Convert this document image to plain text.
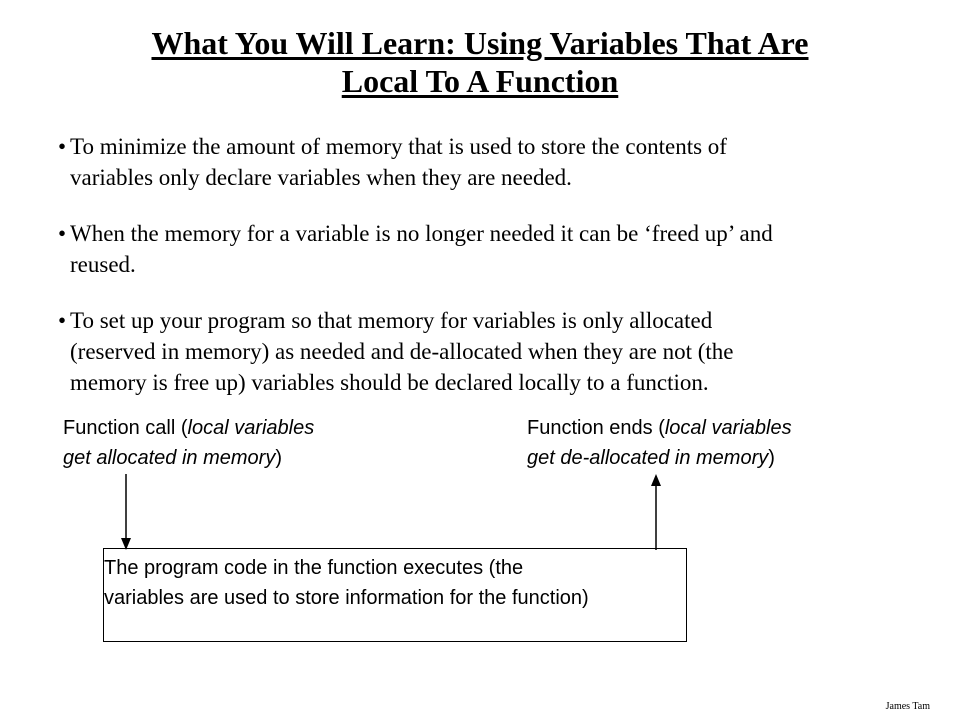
What You Will Learn: Using Variables That Are
Local To A Function
• To minimize the amount of memory that is used to store the contents of
variables only declare variables when they are needed.
• When the memory for a variable is no longer needed it can be ‘freed up’ and
reused.
• To set up your program so that memory for variables is only allocated
(reserved in memory) as needed and de-allocated when they are not (the
memory is free up) variables should be declared locally to a function.
Function call (local variables
get allocated in memory)
Function ends (local variables
get de-allocated in memory)
The program code in the function executes (the
variables are used to store information for the function)
James Tam
